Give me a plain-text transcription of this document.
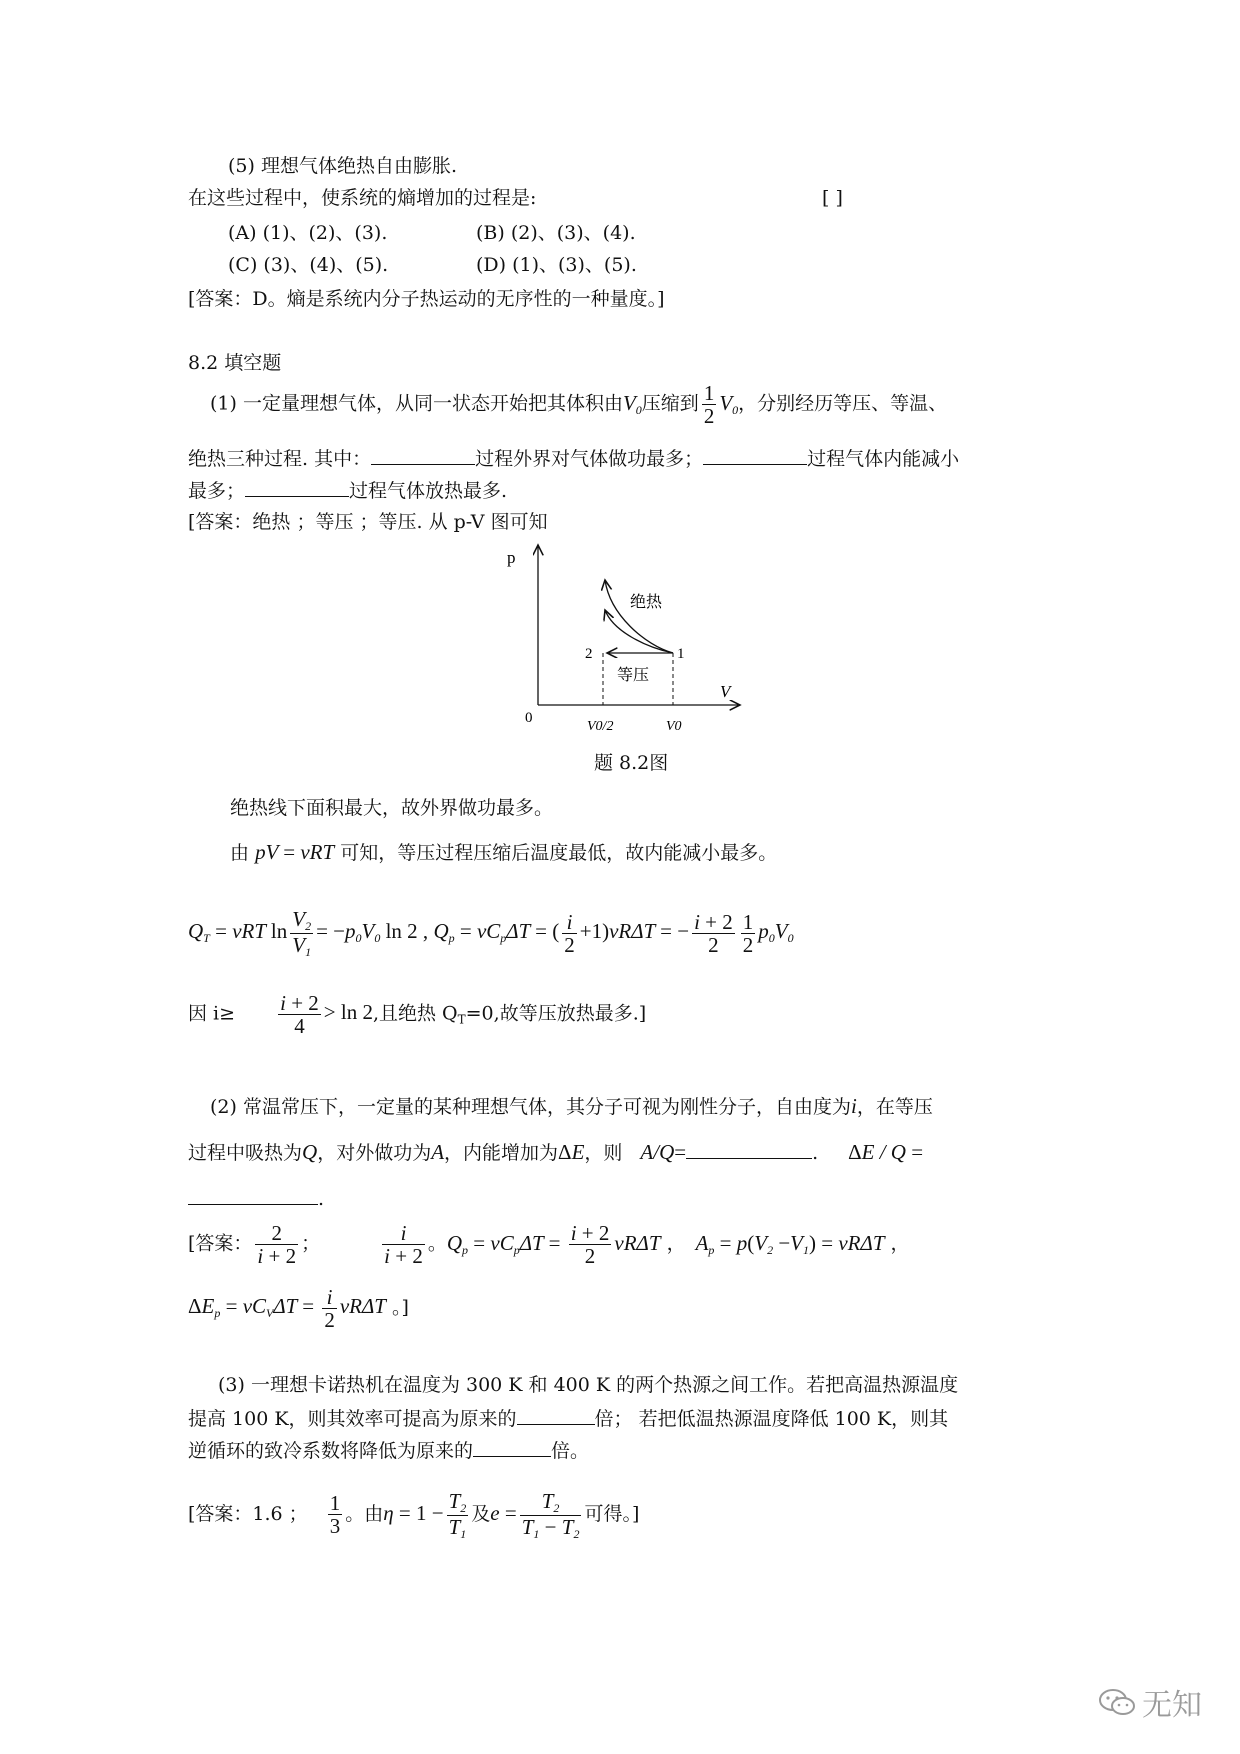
(5) 理想气体绝热自由膨胀.
在这些过程中，使系统的熵增加的过程是:	[ ]
(A) (1)、(2)、(3).	(B) (2)、(3)、(4).
(C) (3)、(4)、(5).	(D) (1)、(3)、(5).
[答案：D。熵是系统内分子热运动的无序性的一种量度。]
8.2 填空题
(1) 一定量理想气体，从同一状态开始把其体积由$V_0$压缩到 $\frac{1}{2} V_0$，分别经历等压、等温、
绝热三种过程. 其中：	过程外界对气体做功最多；	过程气体内能减小
最多；	过程气体放热最多.
[答案：绝热 ；等压 ；等压. 从 p-V 图可知
p
V
0
绝热
等压
1
2
V0/2	V0
题 8.2图
绝热线下面积最大，故外界做功最多。
由 pV = νRT 可知，等压过程压缩后温度最低，故内能减小最多。
$Q_T = \nu RT$ $\ln \frac{V_2}{V_1} = -p_0V_0$ ln 2 , $Q_p = \nu C_p\Delta T$ = ( $\frac{i}{2} +1)\nu R\Delta T$ = − $\frac{i + 2}{2} \frac{1}{2} p_0V_0$
因 $i\ge \frac{i + 2}{4} > \ln 2$,且绝热 $Q_T=0$,故等压放热最多.]
(2) 常温常压下，一定量的某种理想气体，其分子可视为刚性分子，自由度为i，在等压
过程中吸热为Q，对外做功为A，内能增加为ΔE，则 A/Q=	. ΔE / Q =
.
[答案： $\frac{2}{i + 2}$ ；	$\frac{i}{i + 2}$ 。$Q_p = \nu C_p\Delta T = \frac{i + 2}{2}$ νRΔT ， $A_p = p(V_2 -V_1) = \nu R\Delta T$ ，
$\Delta E_p = \nu C_V\Delta T = \frac{i}{2}$ νRΔT 。]
(3) 一理想卡诺热机在温度为 300 K 和 400 K 的两个热源之间工作。若把高温热源温度
提高 100 K，则其效率可提高为原来的	倍； 若把低温热源温度降低 100 K，则其
逆循环的致冷系数将降低为原来的	倍。
[答案：1.6 ； $\frac{1}{3}$ 。由$\eta = 1 - \frac{T_2}{T_1}$ 及$e = \frac{T_2}{T_1 - T_2}$ 可得。]
无知
